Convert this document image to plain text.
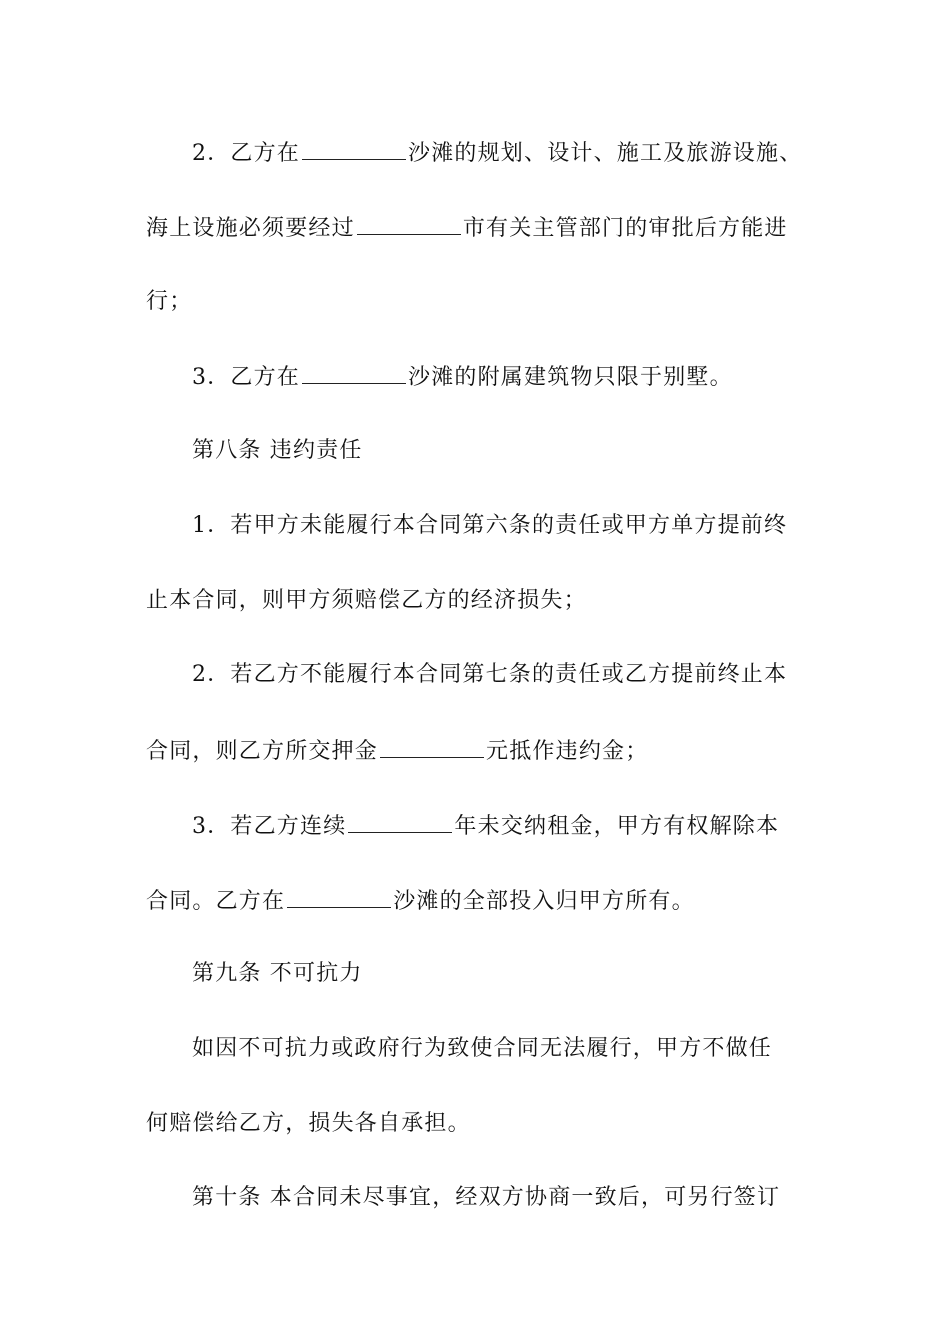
2．乙方在	沙滩的规划、设计、施工及旅游设施、
海上设施必须要经过	市有关主管部门的审批后方能进
行；
3．乙方在	沙滩的附属建筑物只限于别墅。
第八条 违约责任
1．若甲方未能履行本合同第六条的责任或甲方单方提前终
止本合同，则甲方须赔偿乙方的经济损失；
2．若乙方不能履行本合同第七条的责任或乙方提前终止本
合同，则乙方所交押金	元抵作违约金；
3．若乙方连续	年未交纳租金，甲方有权解除本
合同。乙方在	沙滩的全部投入归甲方所有。
第九条 不可抗力
如因不可抗力或政府行为致使合同无法履行，甲方不做任
何赔偿给乙方，损失各自承担。
第十条 本合同未尽事宜，经双方协商一致后，可另行签订
